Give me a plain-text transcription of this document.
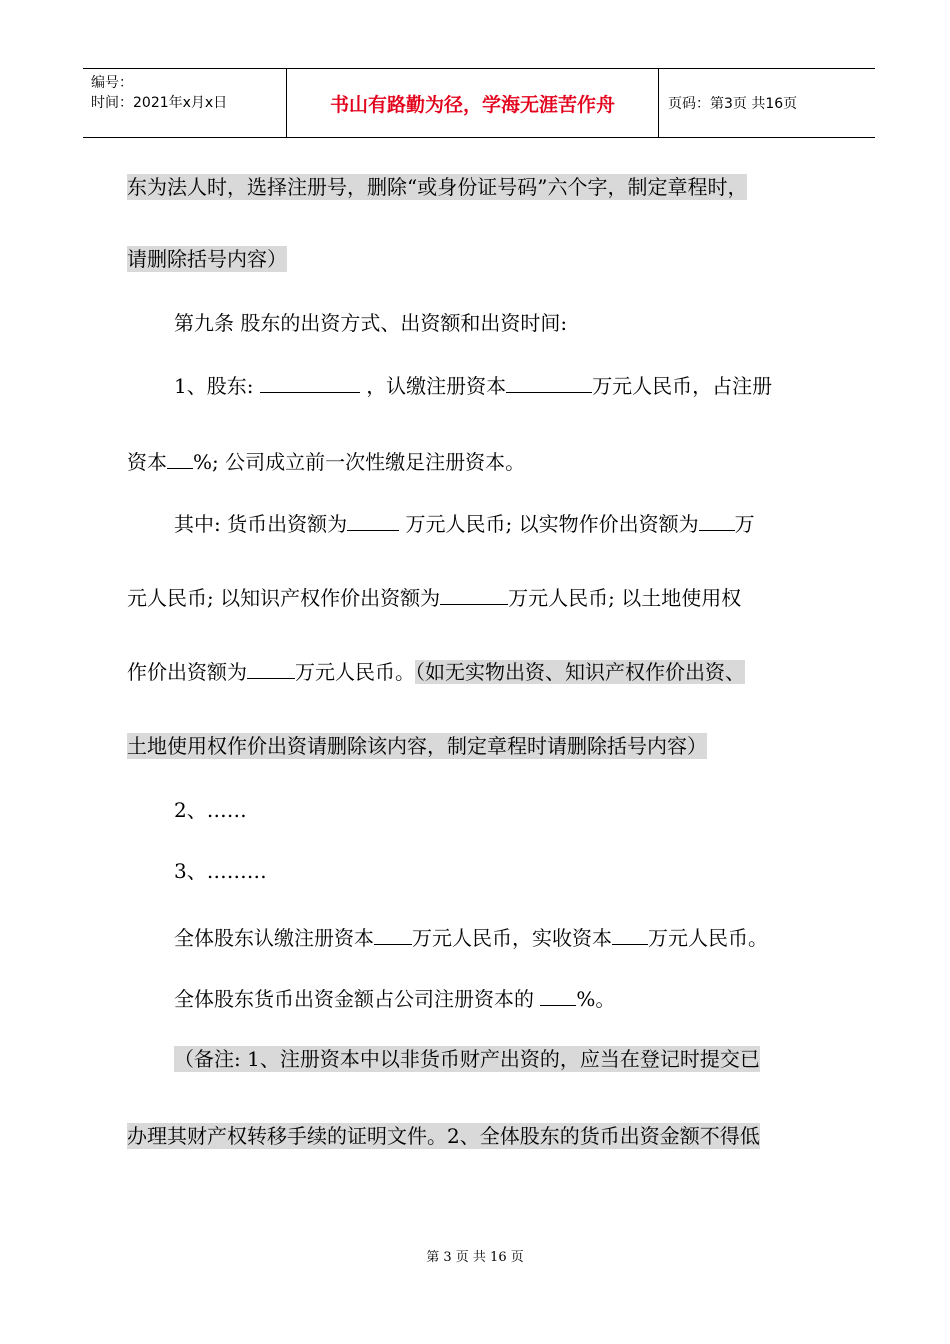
编号：
时间：2021年x月x日	书山有路勤为径，学海无涯苦作舟	页码：第3页 共16页
东为法人时，选择注册号，删除“或身份证号码”六个字，制定章程时，
请删除括号内容）
第九条 股东的出资方式、出资额和出资时间:
1、股东:	，认缴注册资本	万元人民币，占注册
资本 %; 公司成立前一次性缴足注册资本。
其中: 货币出资额为	万元人民币; 以实物作价出资额为 万
元人民币; 以知识产权作价出资额为	万元人民币; 以土地使用权
作价出资额为 万元人民币。（如无实物出资、知识产权作价出资、
土地使用权作价出资请删除该内容，制定章程时请删除括号内容）
2、……
3、………
全体股东认缴注册资本 万元人民币，实收资本 万元人民币。
全体股东货币出资金额占公司注册资本的 %。
（备注: 1、注册资本中以非货币财产出资的，应当在登记时提交已
办理其财产权转移手续的证明文件。2、全体股东的货币出资金额不得低
第 3 页 共 16 页
